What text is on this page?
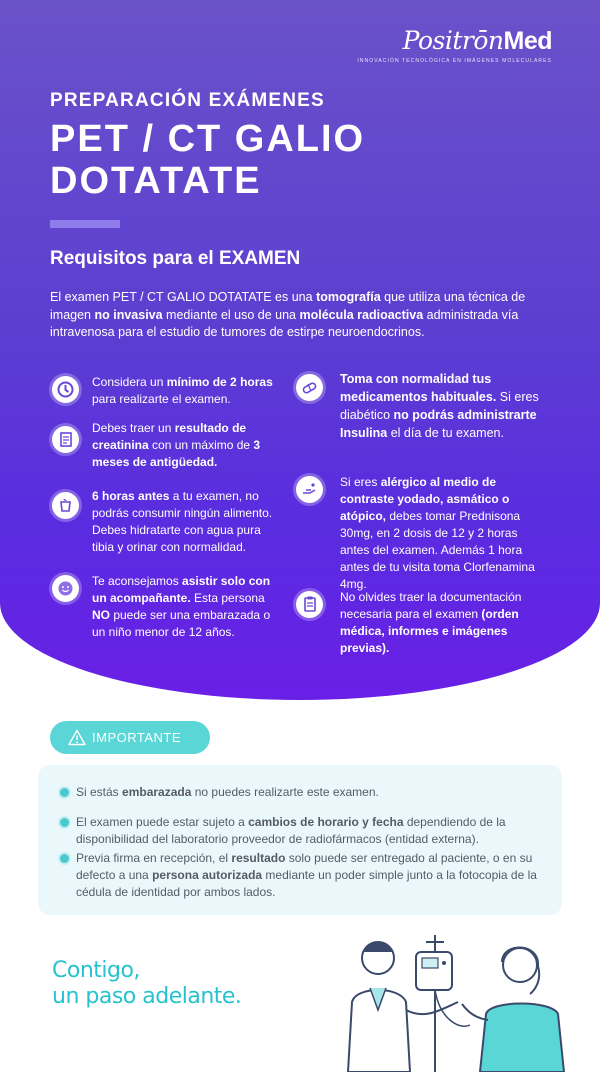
PositrōnMed
INNOVACIÓN TECNOLÓGICA EN IMÁGENES MOLECULARES
PREPARACIÓN EXÁMENES
PET / CT GALIO
DOTATATE
Requisitos para el EXAMEN
El examen PET / CT GALIO DOTATATE es una tomografía que utiliza una técnica de imagen no invasiva mediante el uso de una molécula radioactiva administrada vía intravenosa para el estudio de tumores de estirpe neuroendocrinos.
Considera un mínimo de 2 horas para realizarte el examen.
Debes traer un resultado de creatinina con un máximo de 3 meses de antigüedad.
6 horas antes a tu examen, no podrás consumir ningún alimento. Debes hidratarte con agua pura tibia y orinar con normalidad.
Te aconsejamos asistir solo con un acompañante. Esta persona NO puede ser una embarazada o un niño menor de 12 años.
Toma con normalidad tus medicamentos habituales. Si eres diabético no podrás administrarte Insulina el día de tu examen.
Si eres alérgico al medio de contraste yodado, asmático o atópico, debes tomar Prednisona 30mg, en 2 dosis de 12 y 2 horas antes del examen. Además 1 hora antes de tu visita toma Clorfenamina 4mg.
No olvides traer la documentación necesaria para el examen (orden médica, informes e imágenes previas).
IMPORTANTE
Si estás embarazada no puedes realizarte este examen.
El examen puede estar sujeto a cambios de horario y fecha dependiendo de la disponibilidad del laboratorio proveedor de radiofármacos (entidad externa).
Previa firma en recepción, el resultado solo puede ser entregado al paciente, o en su defecto a una persona autorizada mediante un poder simple junto a la fotocopia de la cédula de identidad por ambos lados.
Contigo,
un paso adelante.
